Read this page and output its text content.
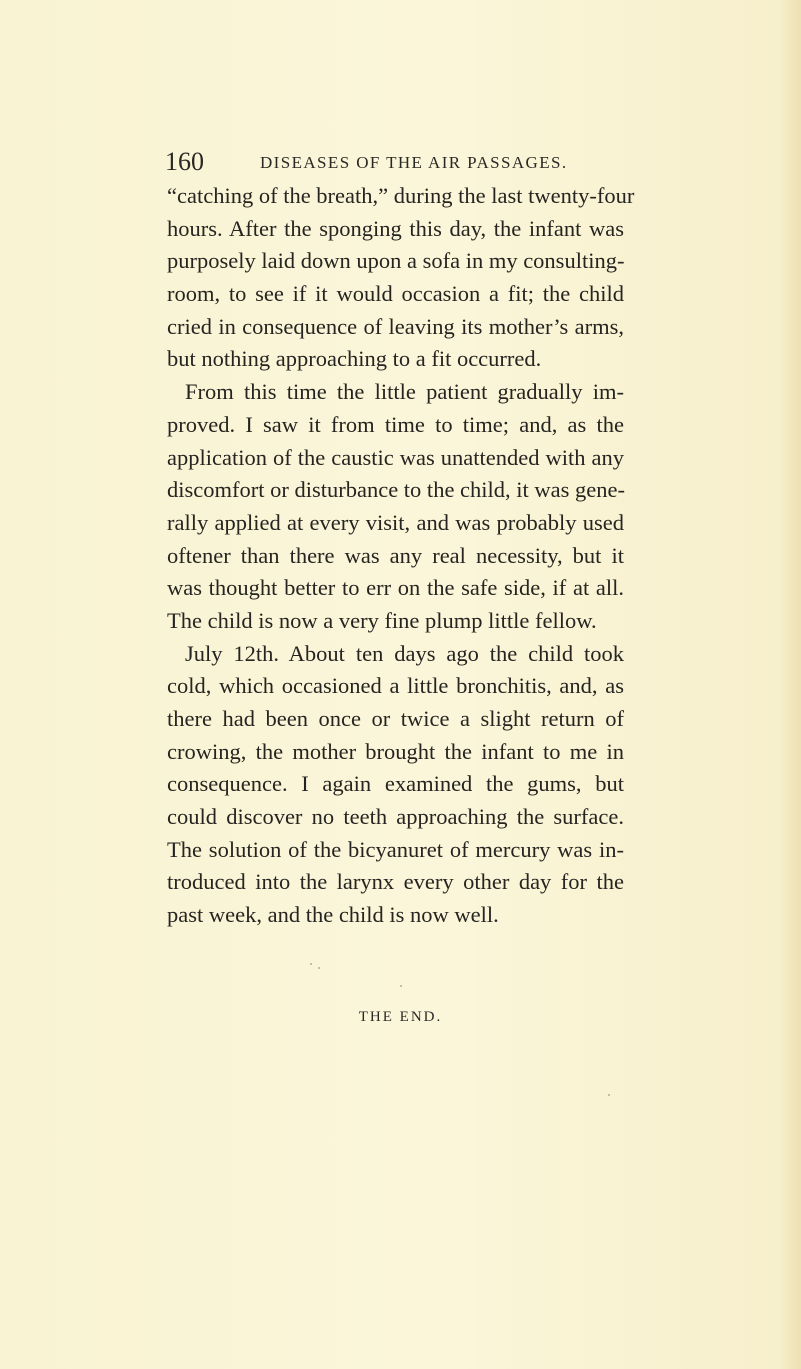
160	DISEASES OF THE AIR PASSAGES.
“catching of the breath,” during the last twenty-four
hours. After the sponging this day, the infant was
purposely laid down upon a sofa in my consulting-
room, to see if it would occasion a fit; the child
cried in consequence of leaving its mother’s arms,
but nothing approaching to a fit occurred.
From this time the little patient gradually im-
proved. I saw it from time to time; and, as the
application of the caustic was unattended with any
discomfort or disturbance to the child, it was gene-
rally applied at every visit, and was probably used
oftener than there was any real necessity, but it
was thought better to err on the safe side, if at all.
The child is now a very fine plump little fellow.
July 12th. About ten days ago the child took
cold, which occasioned a little bronchitis, and, as
there had been once or twice a slight return of
crowing, the mother brought the infant to me in
consequence. I again examined the gums, but
could discover no teeth approaching the surface.
The solution of the bicyanuret of mercury was in-
troduced into the larynx every other day for the
past week, and the child is now well.
THE END.
